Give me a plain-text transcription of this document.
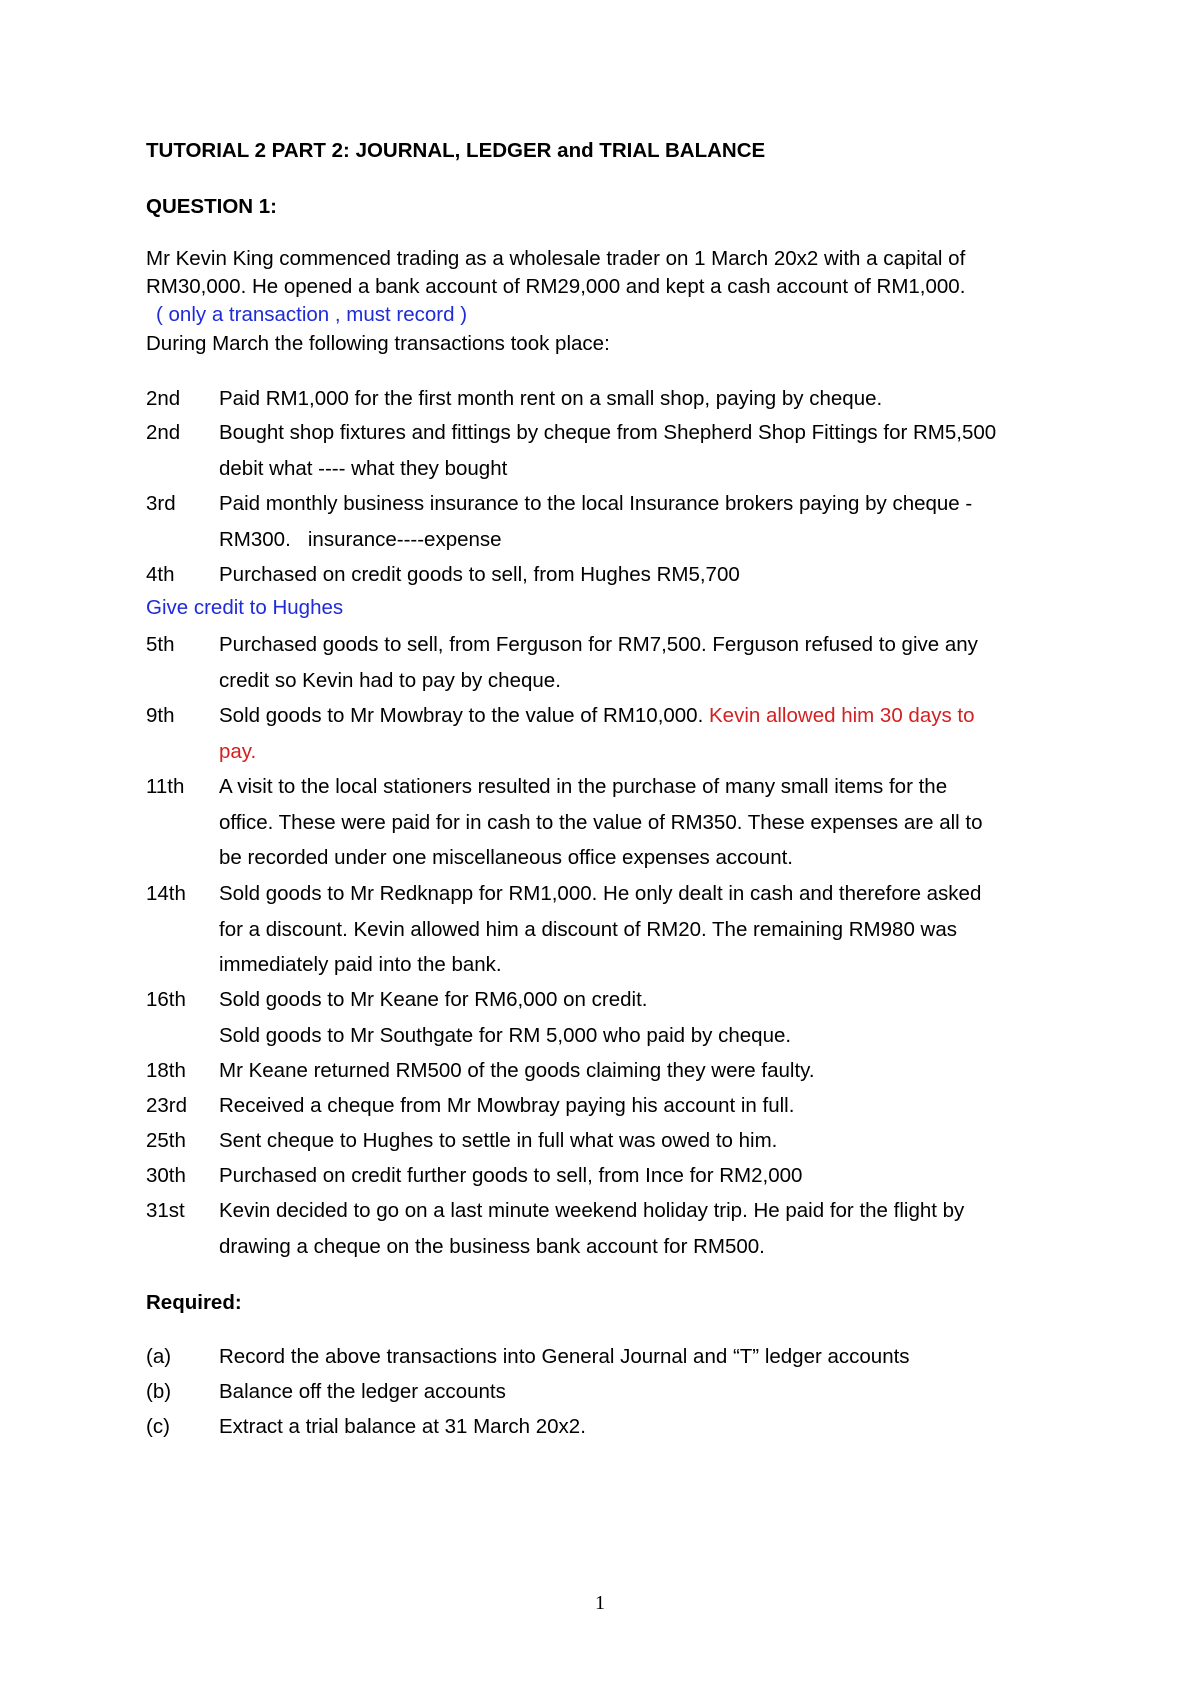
TUTORIAL 2 PART 2: JOURNAL, LEDGER and TRIAL BALANCE
QUESTION 1:
Mr Kevin King commenced trading as a wholesale trader on 1 March 20x2 with a capital of
RM30,000. He opened a bank account of RM29,000 and kept a cash account of RM1,000.
( only a transaction , must record )
During March the following transactions took place:
2nd	Paid RM1,000 for the first month rent on a small shop, paying by cheque.
2nd	Bought shop fixtures and fittings by cheque from Shepherd Shop Fittings for RM5,500
debit what ---- what they bought
3rd	Paid monthly business insurance to the local Insurance brokers paying by cheque -
RM300.   insurance----expense
4th	Purchased on credit goods to sell, from Hughes RM5,700
Give credit to Hughes
5th	Purchased goods to sell, from Ferguson for RM7,500. Ferguson refused to give any
credit so Kevin had to pay by cheque.
9th	Sold goods to Mr Mowbray to the value of RM10,000. Kevin allowed him 30 days to
pay.
11th	A visit to the local stationers resulted in the purchase of many small items for the
office. These were paid for in cash to the value of RM350. These expenses are all to
be recorded under one miscellaneous office expenses account.
14th	Sold goods to Mr Redknapp for RM1,000. He only dealt in cash and therefore asked
for a discount. Kevin allowed him a discount of RM20. The remaining RM980 was
immediately paid into the bank.
16th	Sold goods to Mr Keane for RM6,000 on credit.
Sold goods to Mr Southgate for RM 5,000 who paid by cheque.
18th	Mr Keane returned RM500 of the goods claiming they were faulty.
23rd	Received a cheque from Mr Mowbray paying his account in full.
25th	Sent cheque to Hughes to settle in full what was owed to him.
30th	Purchased on credit further goods to sell, from Ince for RM2,000
31st	Kevin decided to go on a last minute weekend holiday trip. He paid for the flight by
drawing a cheque on the business bank account for RM500.
Required:
(a) Record the above transactions into General Journal and “T” ledger accounts
(b) Balance off the ledger accounts
(c) Extract a trial balance at 31 March 20x2.
1
